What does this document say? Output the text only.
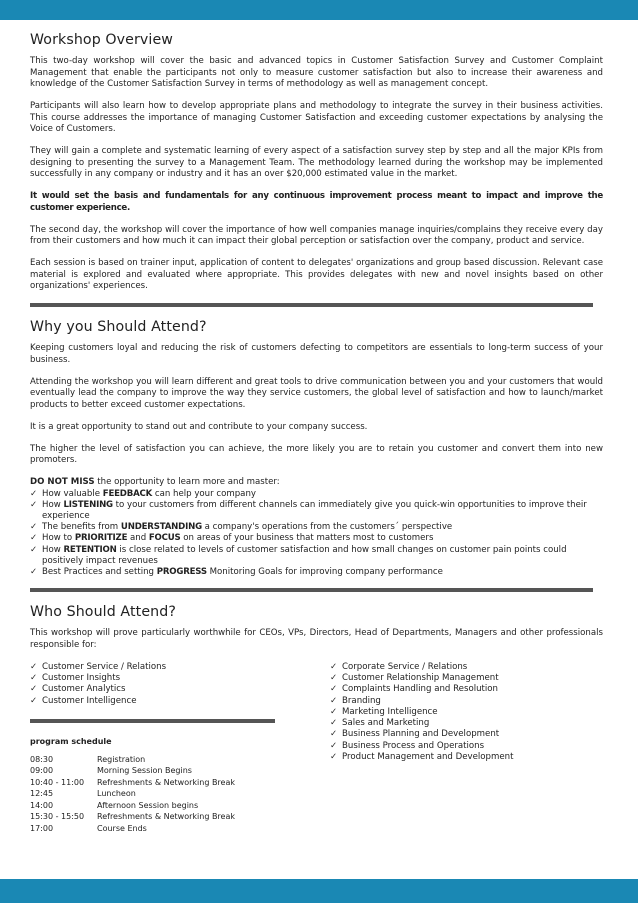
Workshop Overview

This two-day workshop will cover the basic and advanced topics in Customer Satisfaction Survey and Customer Complaint Management that enable the participants not only to measure customer satisfaction but also to increase their awareness and knowledge of the Customer Satisfaction Survey in terms of methodology as well as management concept.

Participants will also learn how to develop appropriate plans and methodology to integrate the survey in their business activities. This course addresses the importance of managing Customer Satisfaction and exceeding customer expectations by analysing the Voice of Customers.

They will gain a complete and systematic learning of every aspect of a satisfaction survey step by step and all the major KPIs from designing to presenting the survey to a Management Team. The methodology learned during the workshop may be implemented successfully in any company or industry and it has an over $20,000 estimated value in the market.

It would set the basis and fundamentals for any continuous improvement process meant to impact and improve the customer experience.

The second day, the workshop will cover the importance of how well companies manage inquiries/complains they receive every day from their customers and how much it can impact their global perception or satisfaction over the company, product and service.

Each session is based on trainer input, application of content to delegates' organizations and group based discussion. Relevant case material is explored and evaluated where appropriate. This provides delegates with new and novel insights based on other organizations' experiences.

Why you Should Attend?

Keeping customers loyal and reducing the risk of customers defecting to competitors are essentials to long-term success of your business.

Attending the workshop you will learn different and great tools to drive communication between you and your customers that would eventually lead the company to improve the way they service customers, the global level of satisfaction and how to launch/market products to better exceed customer expectations.

It is a great opportunity to stand out and contribute to your company success.

The higher the level of satisfaction you can achieve, the more likely you are to retain you customer and convert them into new promoters.

DO NOT MISS the opportunity to learn more and master:

✓ How valuable FEEDBACK can help your company
✓ How LISTENING to your customers from different channels can immediately give you quick-win opportunities to improve their experience
✓ The benefits from UNDERSTANDING a company's operations from the customers´ perspective
✓ How to PRIORITIZE and FOCUS on areas of your business that matters most to customers
✓ How RETENTION is close related to levels of customer satisfaction and how small changes on customer pain points could positively impact revenues
✓ Best Practices and setting PROGRESS Monitoring Goals for improving company performance
Who Should Attend?

This workshop will prove particularly worthwhile for CEOs, VPs, Directors, Head of Departments, Managers and other professionals responsible for:

✓ Customer Service / Relations
✓ Customer Insights
✓ Customer Analytics
✓ Customer Intelligence
program schedule
08:30	Registration
09:00	Morning Session Begins
10:40 - 11:00	Refreshments & Networking Break
12:45	Luncheon
14:00	Afternoon Session begins
15:30 - 15:50	Refreshments & Networking Break
17:00	Course Ends
✓ Corporate Service / Relations
✓ Customer Relationship Management
✓ Complaints Handling and Resolution
✓ Branding
✓ Marketing Intelligence
✓ Sales and Marketing
✓ Business Planning and Development
✓ Business Process and Operations
✓ Product Management and Development
